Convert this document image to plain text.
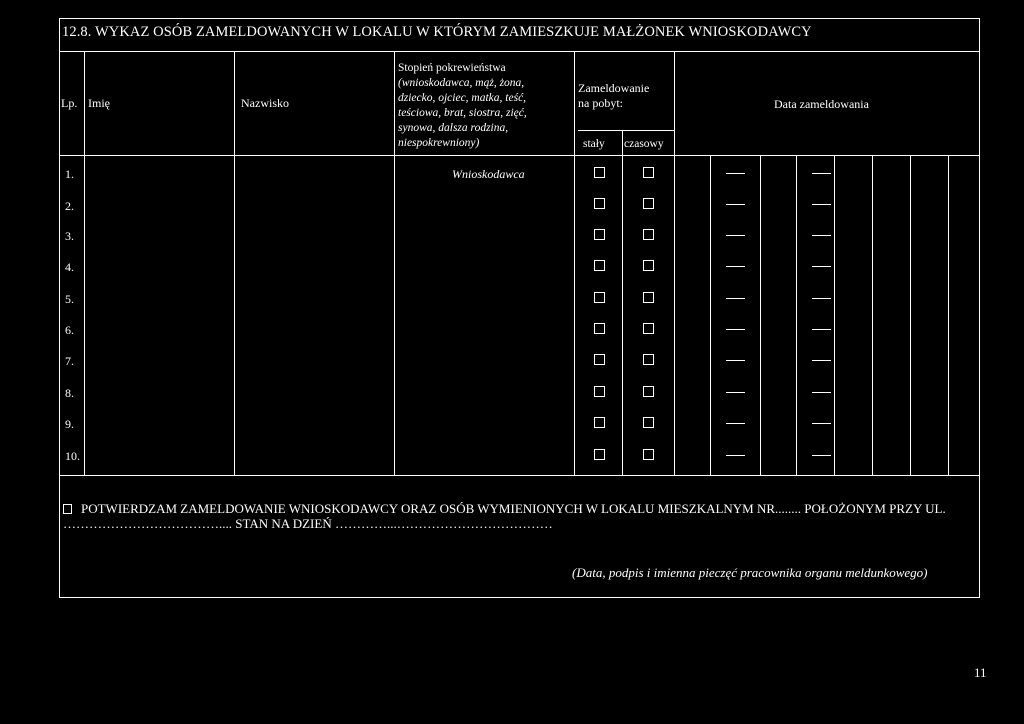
12.8. WYKAZ OSÓB ZAMELDOWANYCH W LOKALU W KTÓRYM ZAMIESZKUJE MAŁŻONEK WNIOSKODAWCY
Lp. Imię	Nazwisko
Stopień pokrewieństwa
(wnioskodawca, mąż, żona,
dziecko, ojciec, matka, teść,
teściowa, brat, siostra, zięć,
synowa, dalsza rodzina,
niespokrewniony)
Zameldowanie
na pobyt:
stały czasowy
Data zameldowania
1.
2.
3.
4.
5.
6.
7.
8.
9.
10.
Wnioskodawca
POTWIERDZAM ZAMELDOWANIE WNIOSKODAWCY ORAZ OSÓB WYMIENIONYCH W LOKALU MIESZKALNYM NR........ POŁOŻONYM PRZY UL. ……………………………….... STAN NA DZIEŃ …………...………………………………
(Data, podpis i imienna pieczęć pracownika organu meldunkowego)
11
